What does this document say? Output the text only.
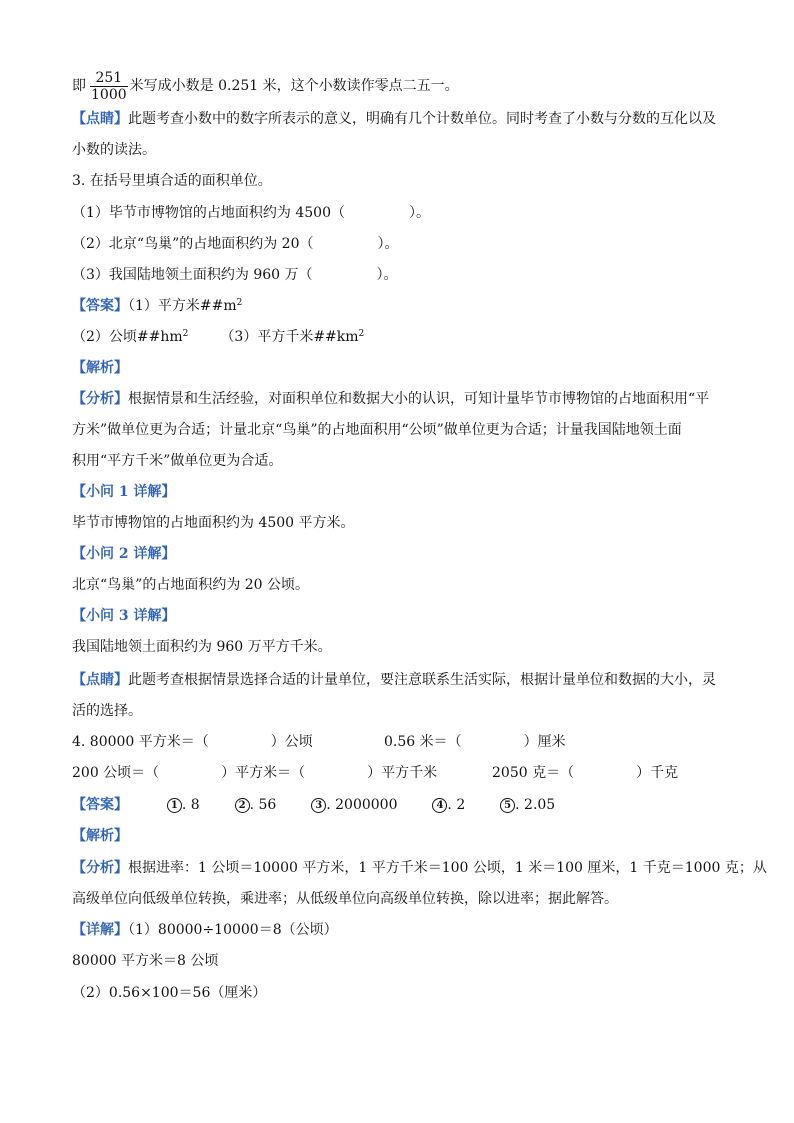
即 $\frac{251}{1000}$ 米写成小数是 0.251 米，这个小数读作零点二五一。
【点睛】此题考查小数中的数字所表示的意义，明确有几个计数单位。同时考查了小数与分数的互化以及
小数的读法。
3. 在括号里填合适的面积单位。
（1）毕节市博物馆的占地面积约为 4500（	）。
（2）北京“鸟巢”的占地面积约为 20（	）。
（3）我国陆地领土面积约为 960 万（	）。
【答案】（1）平方米$\#\#m^2$
（2）公顷$\#\#hm^2$ （3）平方千米$\#\#km^2$
【解析】
【分析】根据情景和生活经验，对面积单位和数据大小的认识，可知计量毕节市博物馆的占地面积用“平
方米”做单位更为合适；计量北京“鸟巢”的占地面积用“公顷”做单位更为合适；计量我国陆地领土面
积用“平方千米”做单位更为合适。
【小问 1 详解】
毕节市博物馆的占地面积约为 4500 平方米。
【小问 2 详解】
北京“鸟巢”的占地面积约为 20 公顷。
【小问 3 详解】
我国陆地领土面积约为 960 万平方千米。
【点睛】此题考查根据情景选择合适的计量单位，要注意联系生活实际，根据计量单位和数据的大小，灵
活的选择。
4. 80000 平方米＝（	）公顷	0.56 米＝（	）厘米
200 公顷＝（	）平方米＝（	）平方千米	2050 克＝（	）千克
【答案】	1 . 8	2 . 56	3 . 2000000	4 . 2	5 . 2.05
【解析】
【分析】根据进率：1 公顷＝10000 平方米，1 平方千米＝100 公顷，1 米＝100 厘米，1 千克＝1000 克；从
高级单位向低级单位转换，乘进率；从低级单位向高级单位转换，除以进率；据此解答。
【详解】（1）80000÷10000＝8（公顷）
80000 平方米＝8 公顷
（2）0.56×100＝56（厘米）
